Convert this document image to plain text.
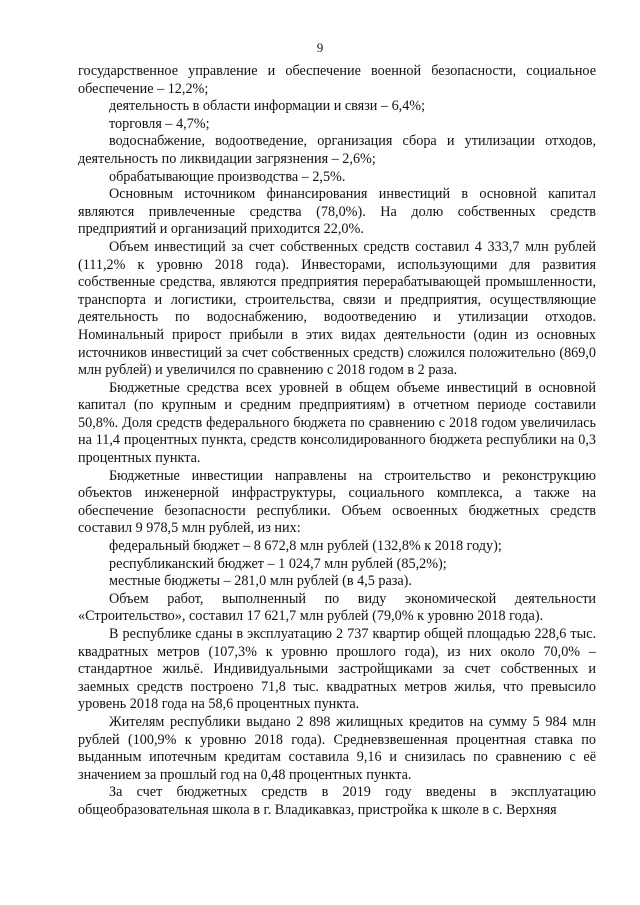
9

государственное управление и обеспечение военной безопасности, социальное обеспечение – 12,2%;

деятельность в области информации и связи – 6,4%;

торговля – 4,7%;

водоснабжение, водоотведение, организация сбора и утилизации отходов, деятельность по ликвидации загрязнения – 2,6%;

обрабатывающие производства – 2,5%.

Основным источником финансирования инвестиций в основной капитал являются привлеченные средства (78,0%). На долю собственных средств предприятий и организаций приходится 22,0%.

Объем инвестиций за счет собственных средств составил 4 333,7 млн рублей (111,2% к уровню 2018 года). Инвесторами, использующими для развития собственные средства, являются предприятия перерабатывающей промышленности, транспорта и логистики, строительства, связи и предприятия, осуществляющие деятельность по водоснабжению, водоотведению и утилизации отходов. Номинальный прирост прибыли в этих видах деятельности (один из основных источников инвестиций за счет собственных средств) сложился положительно (869,0 млн рублей) и увеличился по сравнению с 2018 годом в 2 раза.

Бюджетные средства всех уровней в общем объеме инвестиций в основной капитал (по крупным и средним предприятиям) в отчетном периоде составили 50,8%. Доля средств федерального бюджета по сравнению с 2018 годом увеличилась на 11,4 процентных пункта, средств консолидированного бюджета республики на 0,3 процентных пункта.

Бюджетные инвестиции направлены на строительство и реконструкцию объектов инженерной инфраструктуры, социального комплекса, а также на обеспечение безопасности республики. Объем освоенных бюджетных средств составил 9 978,5 млн рублей, из них:

федеральный бюджет – 8 672,8 млн рублей (132,8% к 2018 году);

республиканский бюджет – 1 024,7 млн рублей (85,2%);

местные бюджеты – 281,0 млн рублей (в 4,5 раза).

Объем работ, выполненный по виду экономической деятельности «Строительство», составил 17 621,7 млн рублей (79,0% к уровню 2018 года).

В республике сданы в эксплуатацию 2 737 квартир общей площадью 228,6 тыс. квадратных метров (107,3% к уровню прошлого года), из них около 70,0% – стандартное жильё. Индивидуальными застройщиками за счет собственных и заемных средств построено 71,8 тыс. квадратных метров жилья, что превысило уровень 2018 года на 58,6 процентных пункта.

Жителям республики выдано 2 898 жилищных кредитов на сумму 5 984 млн рублей (100,9% к уровню 2018 года). Средневзвешенная процентная ставка по выданным ипотечным кредитам составила 9,16 и снизилась по сравнению с её значением за прошлый год на 0,48 процентных пункта.

За счет бюджетных средств в 2019 году введены в эксплуатацию общеобразовательная школа в г. Владикавказ, пристройка к школе в с. Верхняя
